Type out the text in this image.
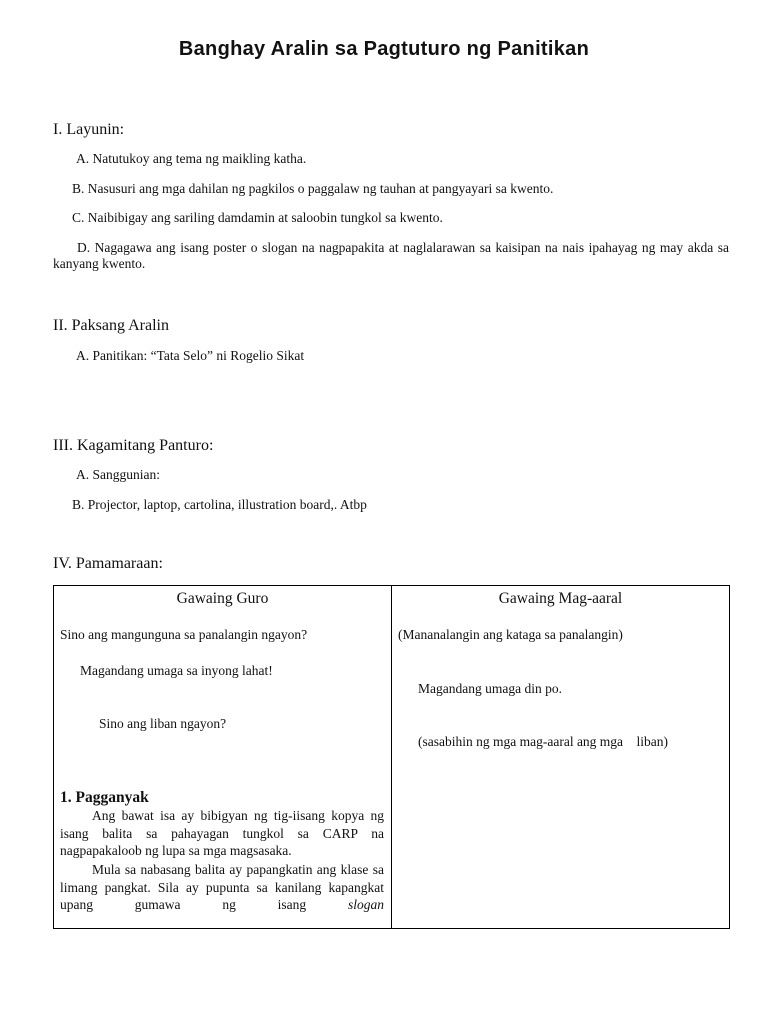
Banghay Aralin sa Pagtuturo ng Panitikan
I. Layunin:
A. Natutukoy ang tema ng maikling katha.
B. Nasusuri ang mga dahilan ng pagkilos o paggalaw ng tauhan at pangyayari sa kwento.
C. Naibibigay ang sariling damdamin at saloobin tungkol sa kwento.
D. Nagagawa ang isang poster o slogan na nagpapakita at naglalarawan sa kaisipan na nais ipahayag ng may akda sa kanyang kwento.
II. Paksang Aralin
A. Panitikan: “Tata Selo” ni Rogelio Sikat
III. Kagamitang Panturo:
A. Sanggunian:
B. Projector, laptop, cartolina, illustration board,. Atbp
IV. Pamamaraan:
Gawaing Guro	Gawaing Mag-aaral
Sino ang mangunguna sa panalangin ngayon?
Magandang umaga sa inyong lahat!
Sino ang liban ngayon?
1. Pagganyak
Ang bawat isa ay bibigyan ng tig-iisang kopya ng isang balita sa pahayagan tungkol sa CARP na nagpapakaloob ng lupa sa mga magsasaka.
Mula sa nabasang balita ay papangkatin ang klase sa limang pangkat. Sila ay pupunta sa kanilang kapangkat upang gumawa ng isang	slogan
(Mananalangin ang kataga sa panalangin)
Magandang umaga din po.
(sasabihin ng mga mag-aaral ang mga    liban)
